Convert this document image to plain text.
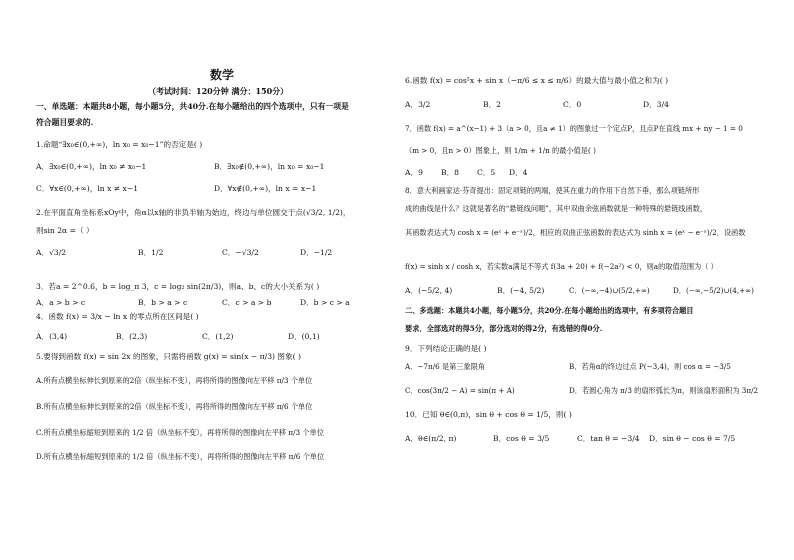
数学
（考试时间：120分钟 满分：150分）
一、单选题：本题共8小题，每小题5分，共40分.在每小题给出的四个选项中，只有一项是
符合题目要求的.
1.命题“∃x₀∈(0,+∞)，ln x₀ = x₀−1”的否定是( )
A．∃x₀∈(0,+∞)，ln x₀ ≠ x₀−1	B．∃x₀∉(0,+∞)，ln x₀ = x₀−1
C．∀x∈(0,+∞)，ln x ≠ x−1	D．∀x∉(0,+∞)，ln x = x−1
2.在平面直角坐标系xOy中，角α以x轴的非负半轴为始边，终边与单位圆交于点(√3/2, 1/2)，
则sin 2α =（ ）
A．√3/2	B．1/2	C．−√3/2	D．−1/2
3．若a = 2^0.6，b = log_π 3，c = log₂ sin(2π/3)，则a、b、c的大小关系为( )
A．a > b > c	B．b > a > c	C．c > a > b	D．b > c > a
4．函数 f(x) = 3/x − ln x 的零点所在区间是( )
A．(3,4)	B．(2,3)	C．(1,2)	D．(0,1)
5.要得到函数 f(x) = sin 2x 的图象，只需将函数 g(x) = sin(x − π/3) 图象( )
A.所有点横坐标伸长到原来的2倍（纵坐标不变），再将所得的图像向左平移 π/3 个单位
B.所有点横坐标伸长到原来的2倍（纵坐标不变），再将所得的图像向左平移 π/6 个单位
C.所有点横坐标缩短到原来的 1/2 倍（纵坐标不变），再将所得的图像向左平移 π/3 个单位
D.所有点横坐标缩短到原来的 1/2 倍（纵坐标不变），再将所得的图像向左平移 π/6 个单位
6.函数 f(x) = cos²x + sin x（−π/6 ≤ x ≤ π/6）的最大值与最小值之和为( )
A．3/2	B．2	C．0	D．3/4
7．函数 f(x) = a^(x−1) + 3（a > 0，且a ≠ 1）的图象过一个定点P，且点P在直线 mx + ny − 1 = 0
（m > 0，且n > 0）图象上，则 1/m + 1/n 的最小值是( )
A．9 B．8 C．5 D．4
8．意大利画家达·芬奇提出：固定项链的两端，使其在重力的作用下自然下垂，那么项链所形
成的曲线是什么？这就是著名的“悬链线问题”，其中双曲余弦函数就是一种特殊的悬链线函数，
其函数表达式为 cosh x = (eˣ + e⁻ˣ)/2，相应的双曲正弦函数的表达式为 sinh x = (eˣ − e⁻ˣ)/2．设函数
f(x) = sinh x / cosh x，若实数a满足不等式 f(3a + 20) + f(−2a²) < 0，则a的取值范围为（ ）
A．(−5/2, 4)	B．(−4, 5/2)	C．(−∞,−4)∪(5/2,+∞)	D．(−∞,−5/2)∪(4,+∞)
二、多选题：本题共4小题，每小题5分，共20分.在每小题给出的选项中，有多项符合题目
要求．全部选对的得5分，部分选对的得2分，有选错的得0分.
9．下列结论正确的是( )
A．−7π/6 是第三象限角	B．若角α的终边过点 P(−3,4)，则 cos α = −3/5
C．cos(3π/2 − A) = sin(π + A)	D．若圆心角为 π/3 的扇形弧长为π，则该扇形面积为 3π/2
10．已知 θ∈(0,π)，sin θ + cos θ = 1/5，则( )
A．θ∈(π/2, π)	B．cos θ = 3/5	C．tan θ = −3/4 D．sin θ − cos θ = 7/5
